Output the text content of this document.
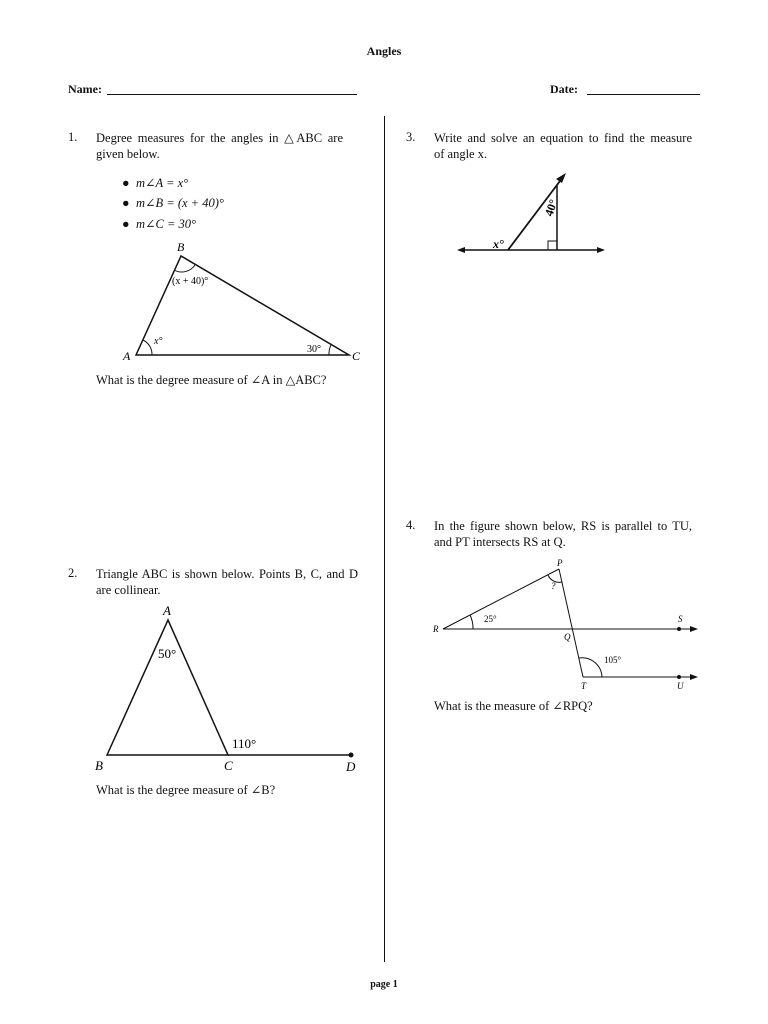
Angles
Name:	Date:
1. Degree measures for the angles in △ABC are
given below.
● m∠A = x°
● m∠B = (x + 40)°
● m∠C = 30°
A
B
C
x°
(x + 40)°
30°
What is the degree measure of ∠A in △ABC?
2. Triangle ABC is shown below. Points B, C, and D
are collinear.
A
B	C	D
50°
110°
What is the degree measure of ∠B?
3. Write and solve an equation to find the measure
of angle x.
x°
40°
4. In the figure shown below, RS is parallel to TU,
and PT intersects RS at Q.
P
?
R
25°
Q
S
105°
T	U
What is the measure of ∠RPQ?
page 1
